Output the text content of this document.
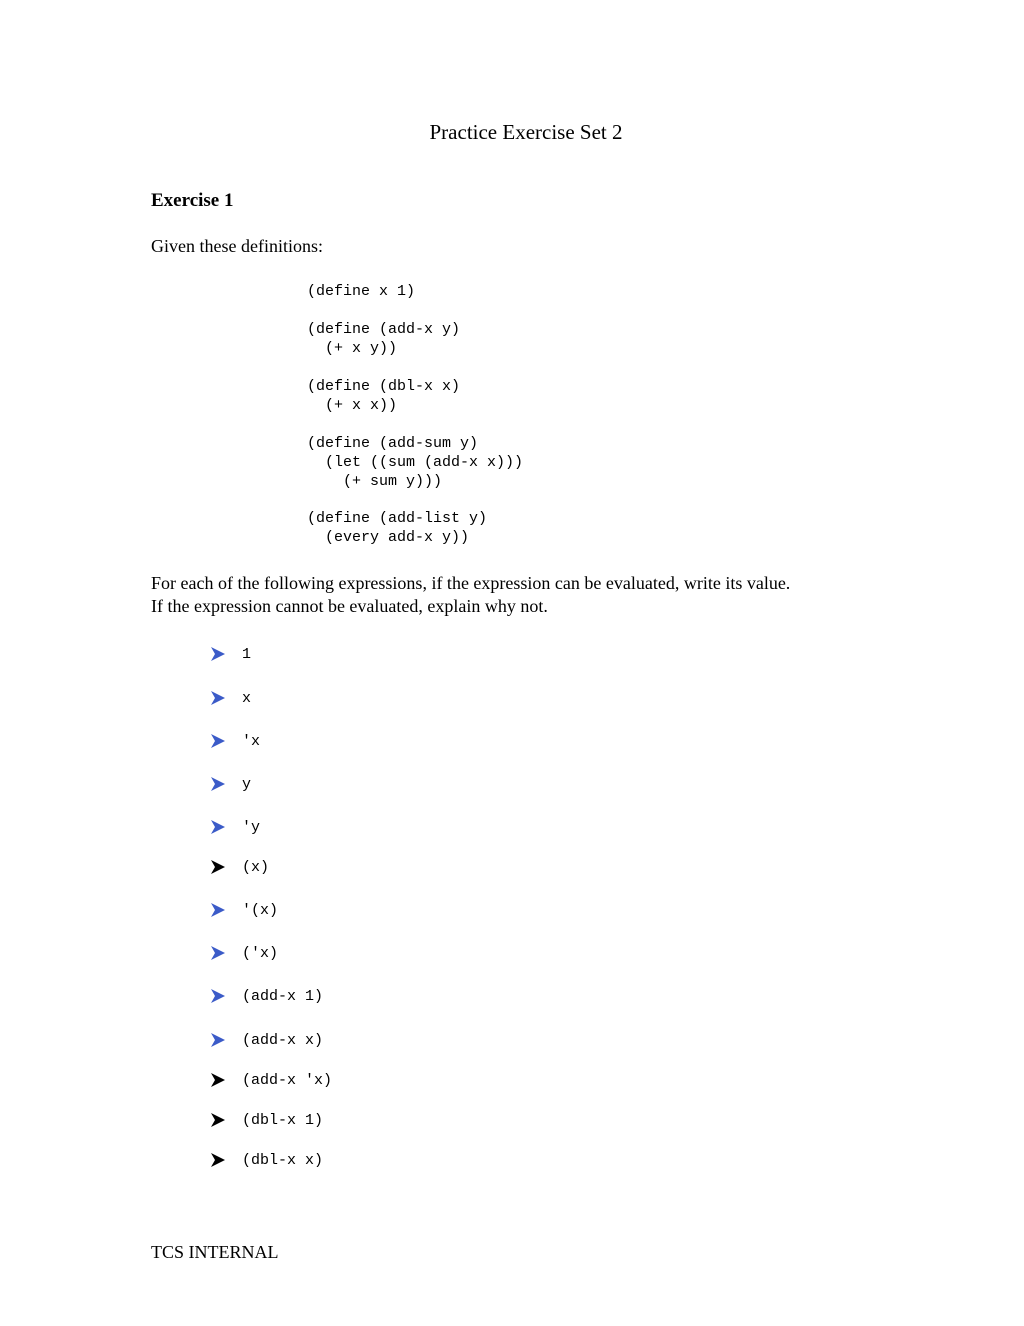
Practice Exercise Set 2
Exercise 1
Given these definitions:
(define x 1)
(define (add-x y)
(+ x y))
(define (dbl-x x)
(+ x x))
(define (add-sum y)
(let ((sum (add-x x)))
(+ sum y)))
(define (add-list y)
(every add-x y))
For each of the following expressions, if the expression can be evaluated, write its value.
If the expression cannot be evaluated, explain why not.
1
x
'x
y
'y
(x)
'(x)
('x)
(add-x 1)
(add-x x)
(add-x 'x)
(dbl-x 1)
(dbl-x x)
TCS INTERNAL
